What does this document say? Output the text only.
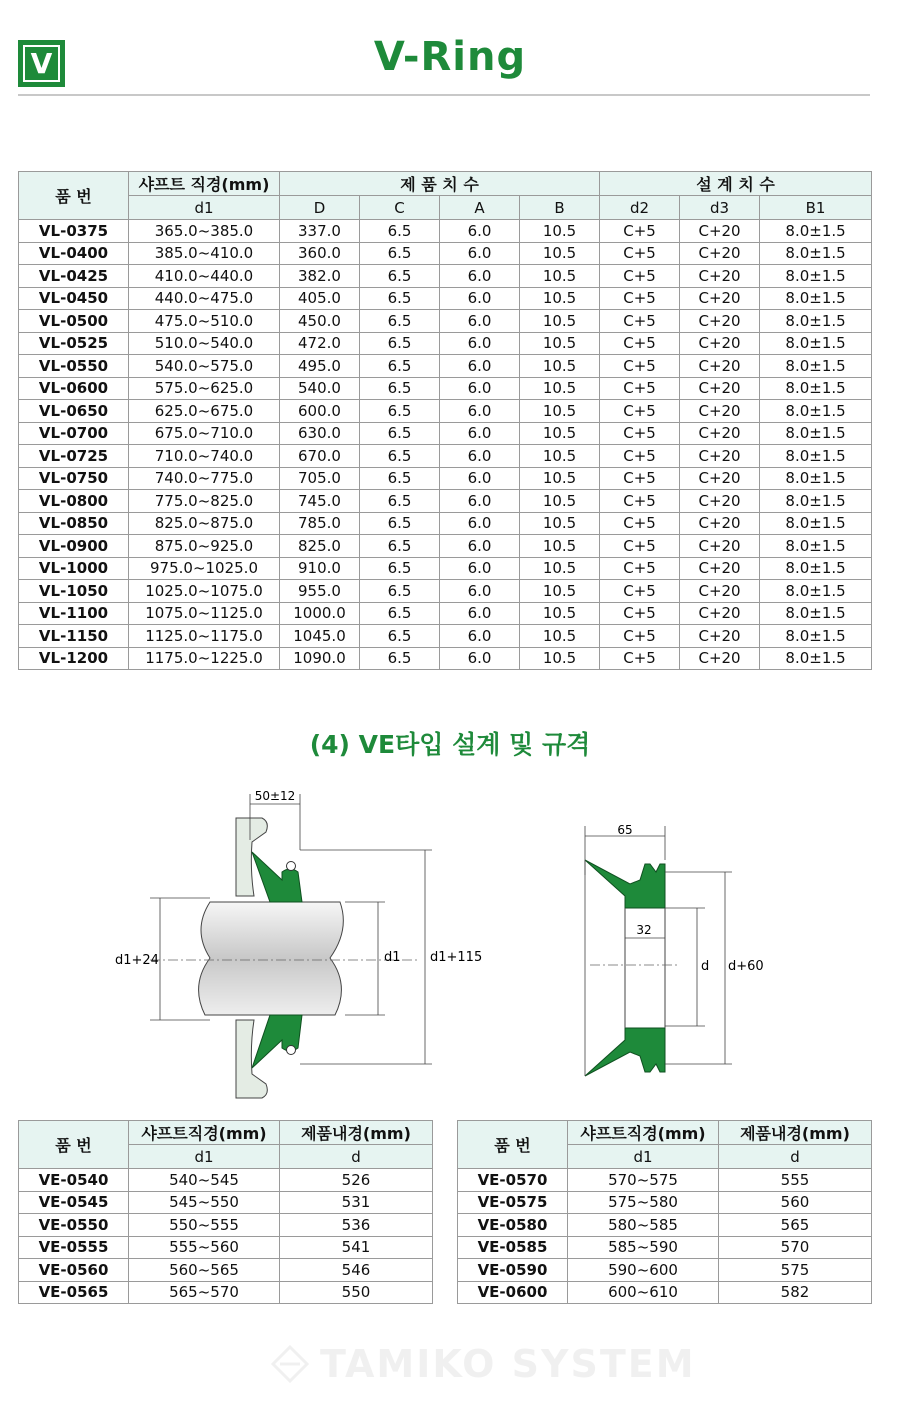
V	V-Ring
품 번	샤프트 직경(mm)	제 품 치 수				설 계 치 수		
	d1	D	C	A	B	d2	d3	B1
VL-0375	365.0~385.0	337.0	6.5	6.0	10.5	C+5	C+20	8.0±1.5
VL-0400	385.0~410.0	360.0	6.5	6.0	10.5	C+5	C+20	8.0±1.5
VL-0425	410.0~440.0	382.0	6.5	6.0	10.5	C+5	C+20	8.0±1.5
VL-0450	440.0~475.0	405.0	6.5	6.0	10.5	C+5	C+20	8.0±1.5
VL-0500	475.0~510.0	450.0	6.5	6.0	10.5	C+5	C+20	8.0±1.5
VL-0525	510.0~540.0	472.0	6.5	6.0	10.5	C+5	C+20	8.0±1.5
VL-0550	540.0~575.0	495.0	6.5	6.0	10.5	C+5	C+20	8.0±1.5
VL-0600	575.0~625.0	540.0	6.5	6.0	10.5	C+5	C+20	8.0±1.5
VL-0650	625.0~675.0	600.0	6.5	6.0	10.5	C+5	C+20	8.0±1.5
VL-0700	675.0~710.0	630.0	6.5	6.0	10.5	C+5	C+20	8.0±1.5
VL-0725	710.0~740.0	670.0	6.5	6.0	10.5	C+5	C+20	8.0±1.5
VL-0750	740.0~775.0	705.0	6.5	6.0	10.5	C+5	C+20	8.0±1.5
VL-0800	775.0~825.0	745.0	6.5	6.0	10.5	C+5	C+20	8.0±1.5
VL-0850	825.0~875.0	785.0	6.5	6.0	10.5	C+5	C+20	8.0±1.5
VL-0900	875.0~925.0	825.0	6.5	6.0	10.5	C+5	C+20	8.0±1.5
VL-1000	975.0~1025.0	910.0	6.5	6.0	10.5	C+5	C+20	8.0±1.5
VL-1050	1025.0~1075.0	955.0	6.5	6.0	10.5	C+5	C+20	8.0±1.5
VL-1100	1075.0~1125.0	1000.0	6.5	6.0	10.5	C+5	C+20	8.0±1.5
VL-1150	1125.0~1175.0	1045.0	6.5	6.0	10.5	C+5	C+20	8.0±1.5
VL-1200	1175.0~1225.0	1090.0	6.5	6.0	10.5	C+5	C+20	8.0±1.5
(4) VE타입 설계 및 규격
50±12
d1+24	d1 d1+115
65
32
d d+60
품 번	샤프트직경(mm)	제품내경(mm)
	d1	d
VE-0540	540~545	526
VE-0545	545~550	531
VE-0550	550~555	536
VE-0555	555~560	541
VE-0560	560~565	546
VE-0565	565~570	550
품 번	샤프트직경(mm)	제품내경(mm)
	d1	d
VE-0570	570~575	555
VE-0575	575~580	560
VE-0580	580~585	565
VE-0585	585~590	570
VE-0590	590~600	575
VE-0600	600~610	582
TAMIKO SYSTEM
